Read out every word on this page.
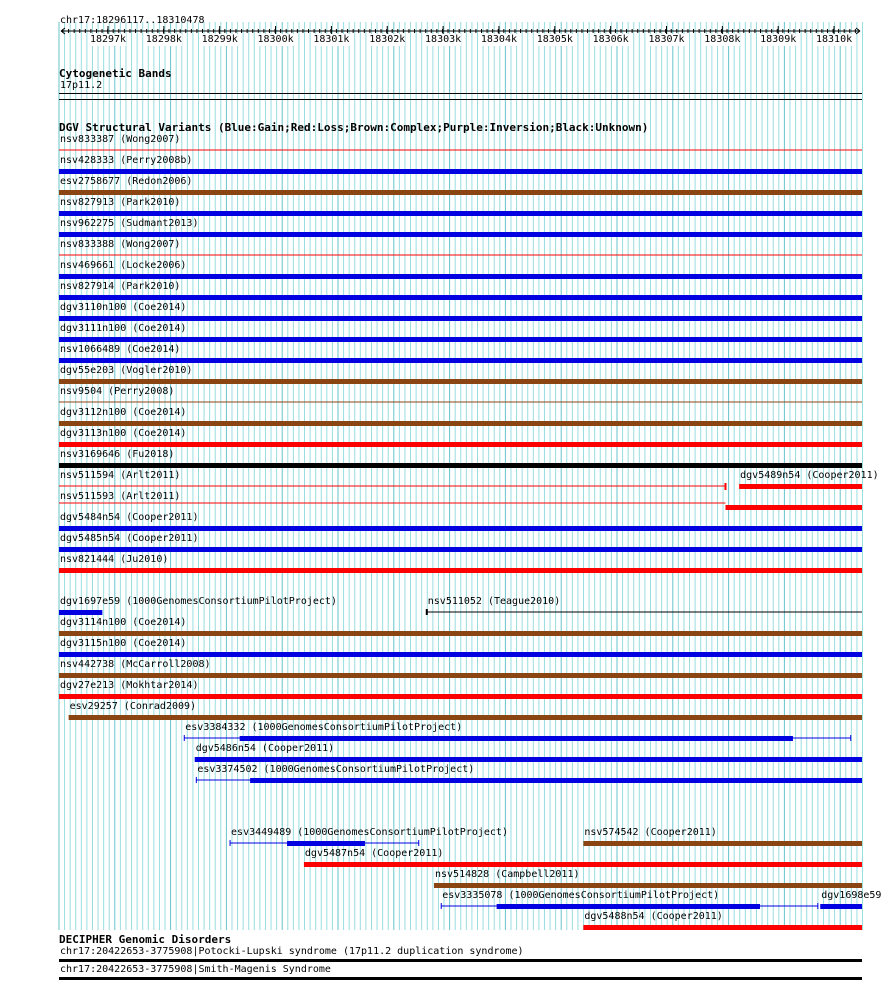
chr17:18296117..18310478
18297k 18298k 18299k 18300k 18301k 18302k 18303k 18304k 18305k 18306k 18307k 18308k 18309k 18310k
Cytogenetic Bands
17p11.2
DGV Structural Variants (Blue:Gain;Red:Loss;Brown:Complex;Purple:Inversion;Black:Unknown)
nsv833387 (Wong2007)
nsv428333 (Perry2008b)
esv2758677 (Redon2006)
nsv827913 (Park2010)
nsv962275 (Sudmant2013)
nsv833388 (Wong2007)
nsv469661 (Locke2006)
nsv827914 (Park2010)
dgv3110n100 (Coe2014)
dgv3111n100 (Coe2014)
nsv1066489 (Coe2014)
dgv55e203 (Vogler2010)
nsv9504 (Perry2008)
dgv3112n100 (Coe2014)
dgv3113n100 (Coe2014)
nsv3169646 (Fu2018)
nsv511594 (Arlt2011)	dgv5489n54 (Cooper2011)
nsv511593 (Arlt2011)
dgv5484n54 (Cooper2011)
dgv5485n54 (Cooper2011)
nsv821444 (Ju2010)
dgv1697e59 (1000GenomesConsortiumPilotProject)	nsv511052 (Teague2010)
dgv3114n100 (Coe2014)
dgv3115n100 (Coe2014)
nsv442738 (McCarroll2008)
dgv27e213 (Mokhtar2014)
esv29257 (Conrad2009)
esv3384332 (1000GenomesConsortiumPilotProject)
dgv5486n54 (Cooper2011)
esv3374502 (1000GenomesConsortiumPilotProject)
esv3449489 (1000GenomesConsortiumPilotProject)	nsv574542 (Cooper2011)
dgv5487n54 (Cooper2011)
nsv514828 (Campbell2011)
esv3335078 (1000GenomesConsortiumPilotProject)	dgv1698e59
dgv5488n54 (Cooper2011)
DECIPHER Genomic Disorders
chr17:20422653-3775908|Potocki-Lupski syndrome (17p11.2 duplication syndrome)
chr17:20422653-3775908|Smith-Magenis Syndrome
